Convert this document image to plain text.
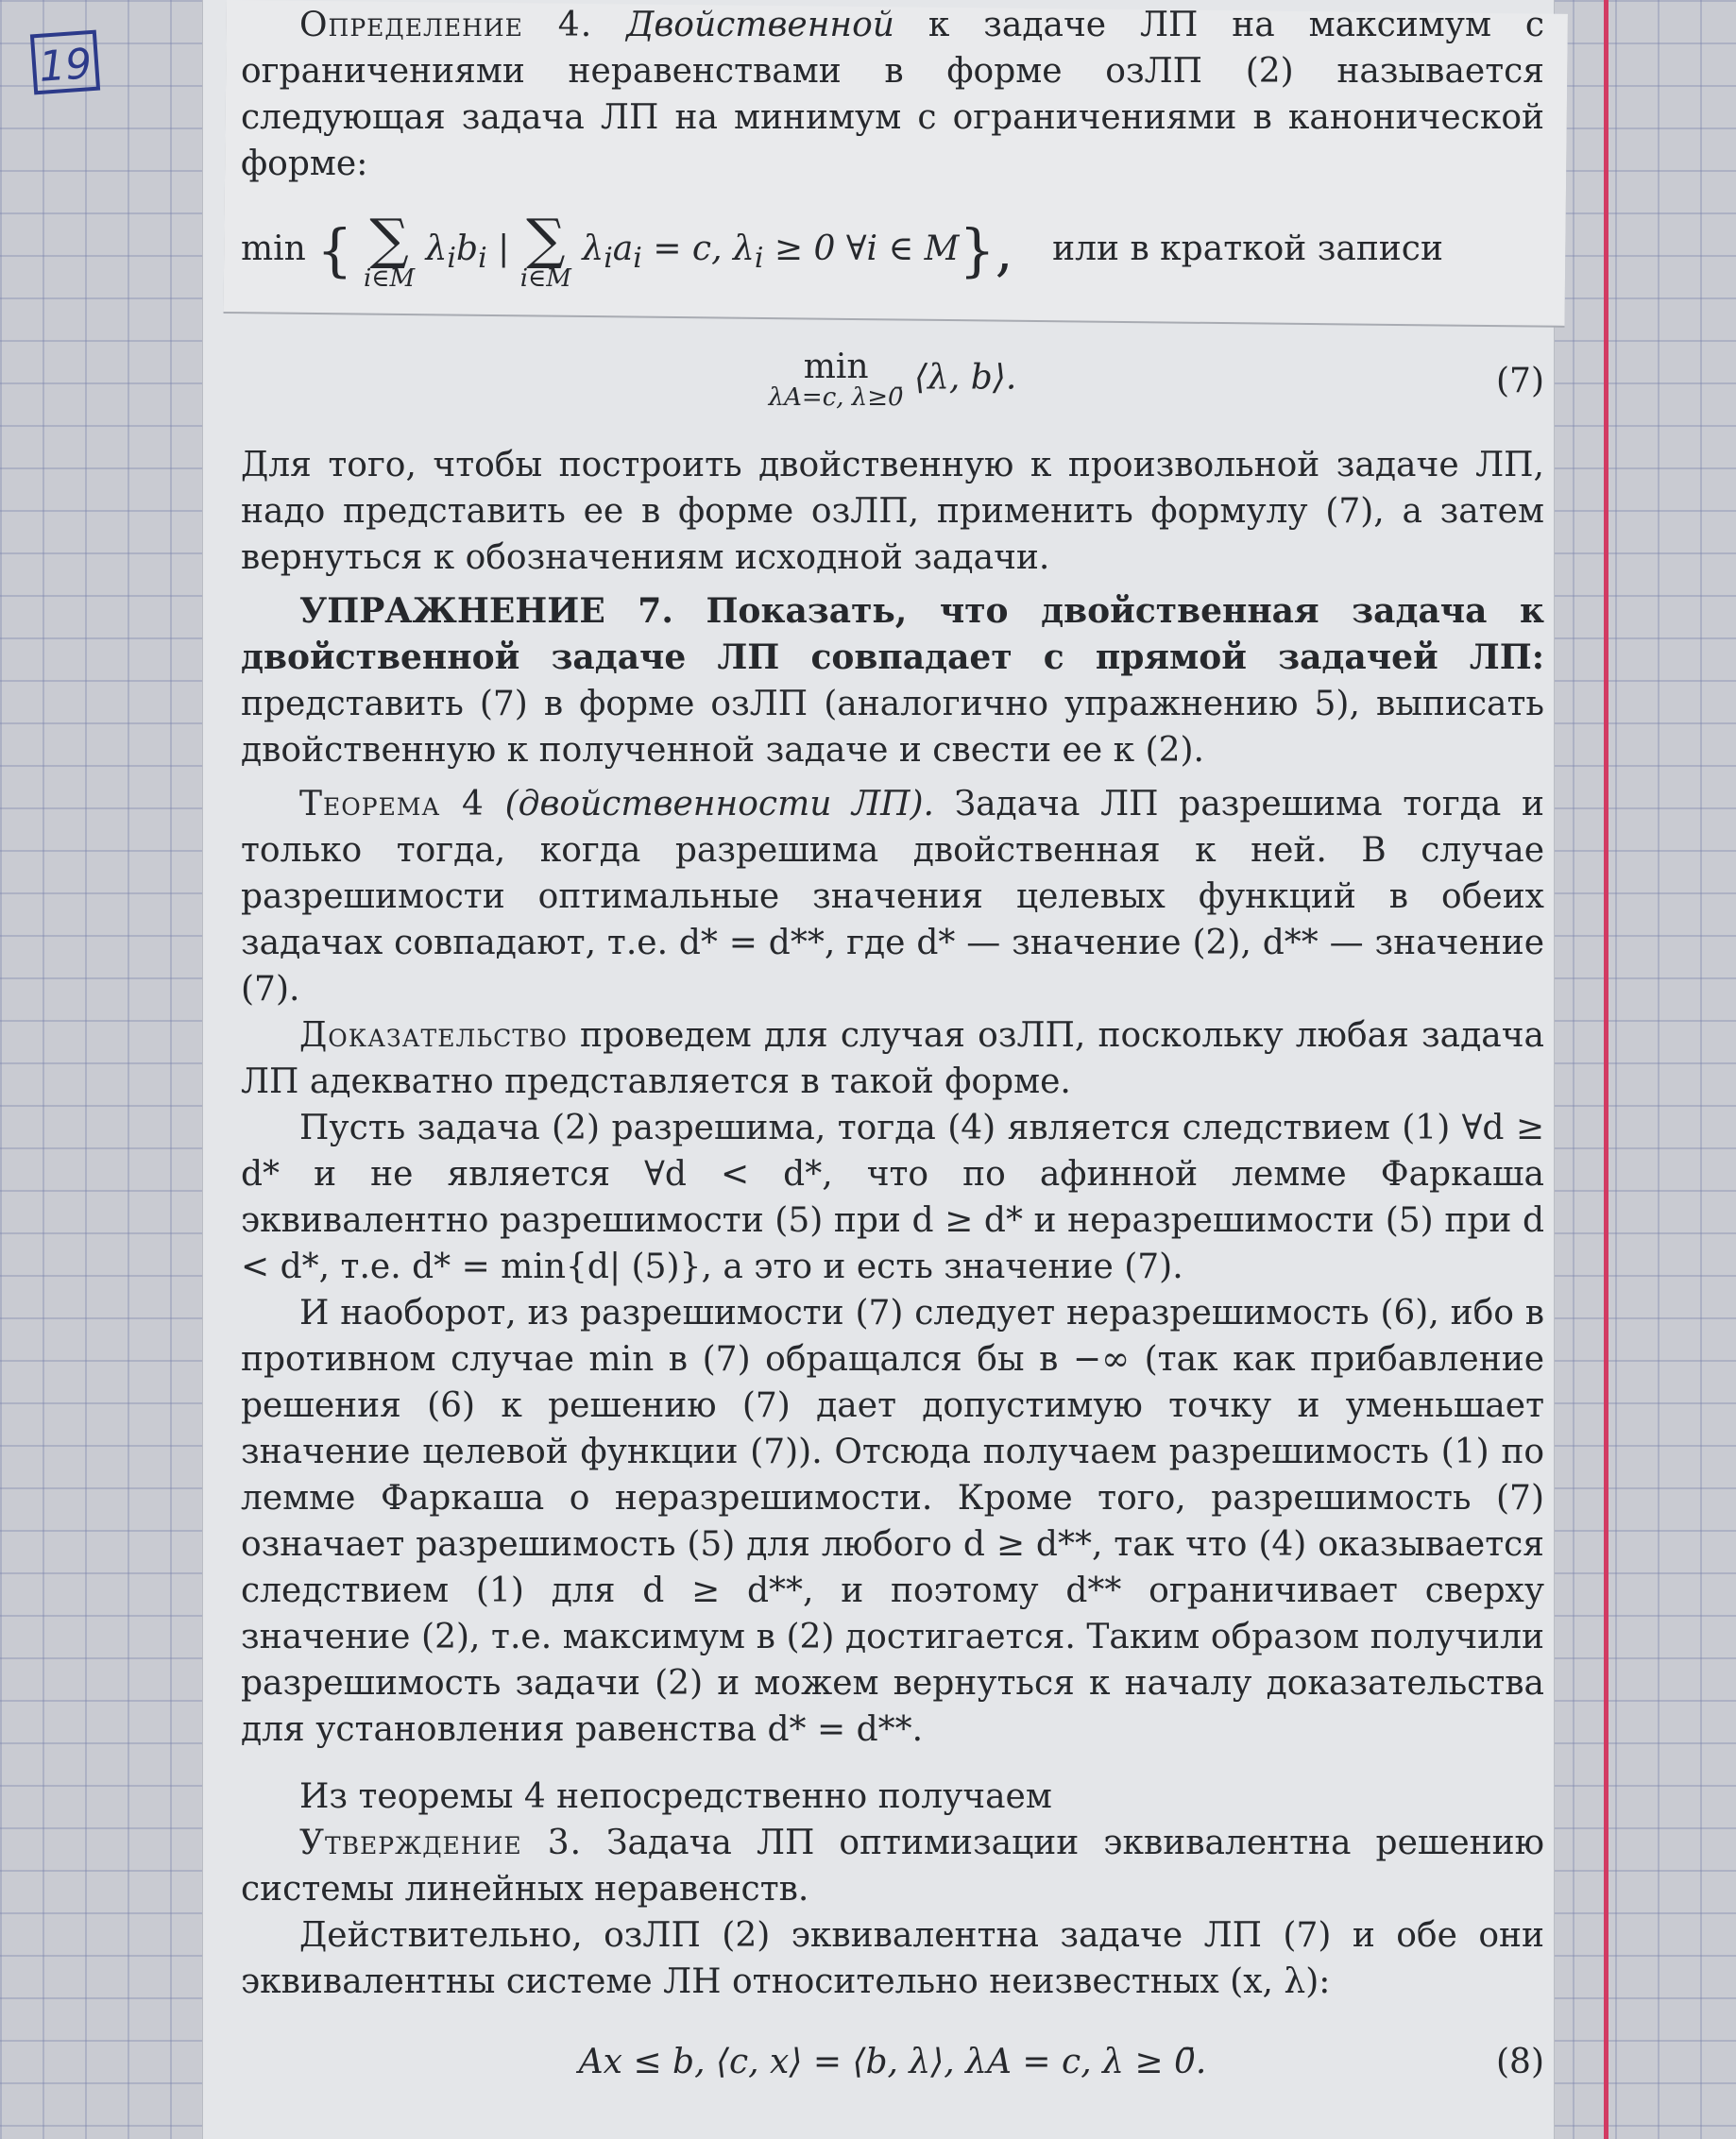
19

Определение 4. Двойственной к задаче ЛП на максимум с ограничениями неравенствами в форме озЛП (2) называется следующая задача ЛП на минимум с ограничениями в канонической форме:

min { ∑
i∈M
$\lambda_ib_i$ | ∑
i∈M
$\lambda_ia_i = c$, $\lambda_i \ge 0$ ∀i ∈ M}, или в краткой записи
min
λA=c, λ≥0̄
⟨λ, b⟩.	(7)

Для того, чтобы построить двойственную к произвольной задаче ЛП, надо представить ее в форме озЛП, применить формулу (7), а затем вернуться к обозначениям исходной задачи.

УПРАЖНЕНИЕ 7. Показать, что двойственная задача к двойственной задаче ЛП совпадает с прямой задачей ЛП: представить (7) в форме озЛП (аналогично упражнению 5), выписать двойственную к полученной задаче и свести ее к (2).

Теорема 4 (двойственности ЛП). Задача ЛП разрешима тогда и только тогда, когда разрешима двойственная к ней. В случае разрешимости оптимальные значения целевых функций в обеих задачах совпадают, т.е. d* = d**, где d* — значение (2), d** — значение (7).

Доказательство проведем для случая озЛП, поскольку любая задача ЛП адекватно представляется в такой форме.

Пусть задача (2) разрешима, тогда (4) является следствием (1) ∀d ≥ d* и не является ∀d < d*, что по афинной лемме Фаркаша эквивалентно разрешимости (5) при d ≥ d* и неразрешимости (5) при d < d*, т.е. d* = min{d| (5)}, а это и есть значение (7).

И наоборот, из разрешимости (7) следует неразрешимость (6), ибо в противном случае min в (7) обращался бы в −∞ (так как прибавление решения (6) к решению (7) дает допустимую точку и уменьшает значение целевой функции (7)). Отсюда получаем разрешимость (1) по лемме Фаркаша о неразрешимости. Кроме того, разрешимость (7) означает разрешимость (5) для любого d ≥ d**, так что (4) оказывается следствием (1) для d ≥ d**, и поэтому d** ограничивает сверху значение (2), т.е. максимум в (2) достигается. Таким образом получили разрешимость задачи (2) и можем вернуться к началу доказательства для установления равенства d* = d**.

Из теоремы 4 непосредственно получаем

Утверждение 3. Задача ЛП оптимизации эквивалентна решению системы линейных неравенств.

Действительно, озЛП (2) эквивалентна задаче ЛП (7) и обе они эквивалентны системе ЛН относительно неизвестных (x, λ):

Ax ≤ b, ⟨c, x⟩ = ⟨b, λ⟩, λA = c, λ ≥ 0̄.	(8)
